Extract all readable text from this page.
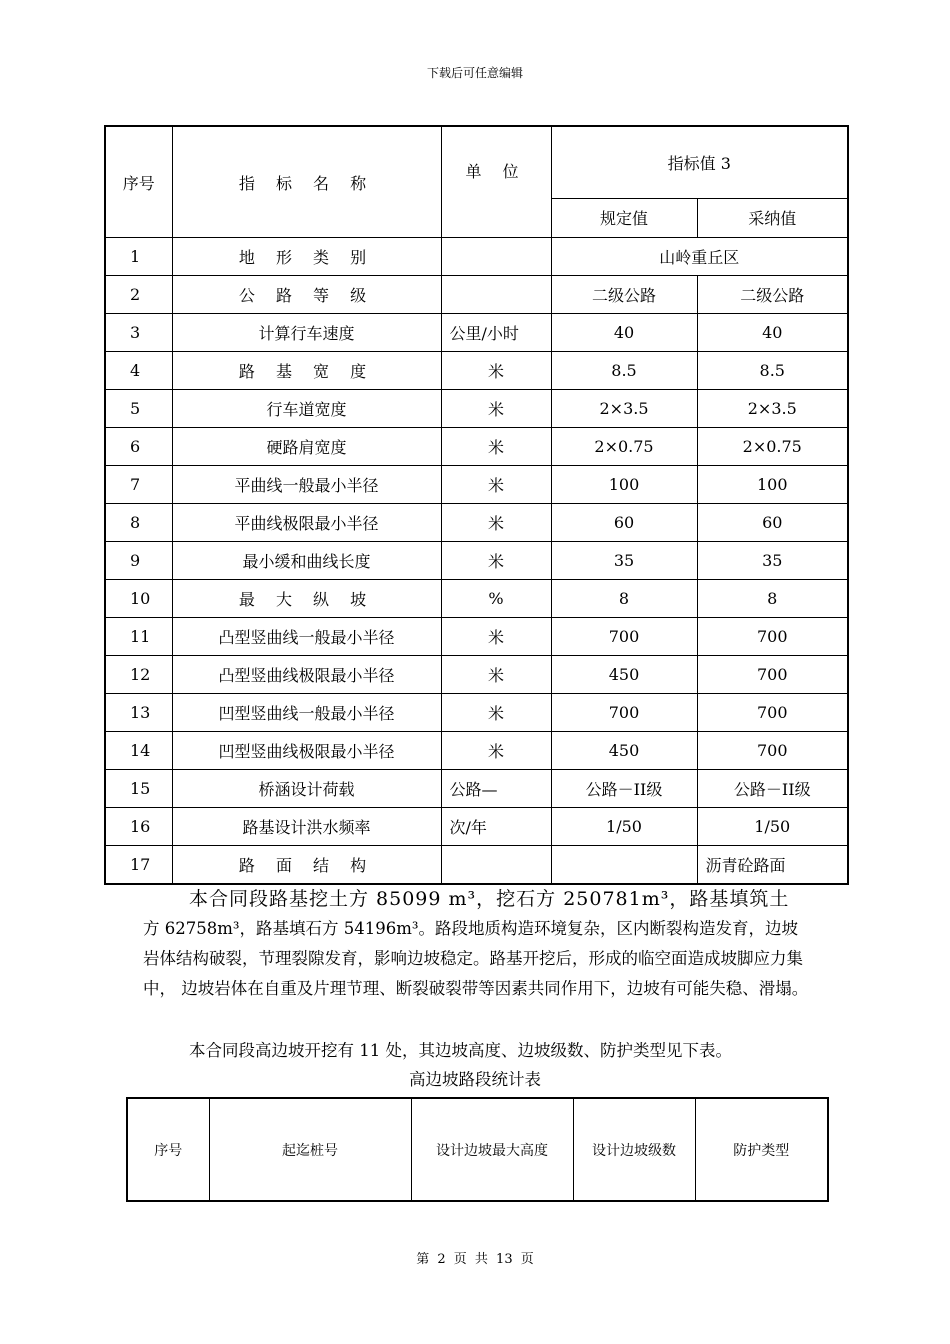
下载后可任意编辑
序号	指 标 名 称	单 位	指标值 3	
			规定值	采纳值
1	地 形 类 别		山岭重丘区	
2	公 路 等 级		二级公路	二级公路
3	计算行车速度	公里/小时	40	40
4	路 基 宽 度	米	8.5	8.5
5	行车道宽度	米	2×3.5	2×3.5
6	硬路肩宽度	米	2×0.75	2×0.75
7	平曲线一般最小半径	米	100	100
8	平曲线极限最小半径	米	60	60
9	最小缓和曲线长度	米	35	35
10	最 大 纵 坡	%	8	8
11	凸型竖曲线一般最小半径	米	700	700
12	凸型竖曲线极限最小半径	米	450	700
13	凹型竖曲线一般最小半径	米	700	700
14	凹型竖曲线极限最小半径	米	450	700
15	桥涵设计荷载	公路—	公路－II级	公路－II级
16	路基设计洪水频率	次/年	1/50	1/50
17	路 面 结 构			沥青砼路面
本合同段路基挖土方 85099 m³，挖石方 250781m³，路基填筑土
方 62758m³，路基填石方 54196m³。路段地质构造环境复杂，区内断裂构造发育，边坡岩体结构破裂，节理裂隙发育，影响边坡稳定。路基开挖后，形成的临空面造成坡脚应力集中， 边坡岩体在自重及片理节理、断裂破裂带等因素共同作用下，边坡有可能失稳、滑塌。
本合同段高边坡开挖有 11 处，其边坡高度、边坡级数、防护类型见下表。
高边坡路段统计表
序号	起迄桩号	设计边坡最大高度	设计边坡级数	防护类型
第 2 页 共 13 页
